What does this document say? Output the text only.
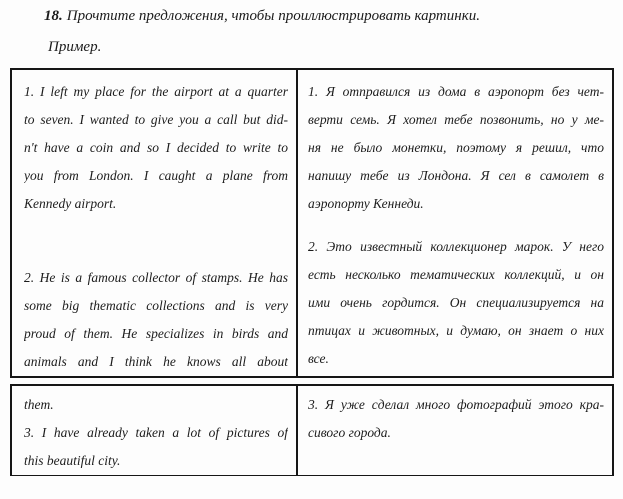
18. Прочтите предложения, чтобы проиллюстрировать картинки.
Пример.
1. I left my place for the airport at a quarter
to seven. I wanted to give you a call but did-
n't have a coin and so I decided to write to
you from London. I caught a plane from
Kennedy airport.
2. He is a famous collector of stamps. He has
some big thematic collections and is very
proud of them. He specializes in birds and
animals and I think he knows all about
1. Я отправился из дома в аэропорт без чет-
верти семь. Я хотел тебе позвонить, но у ме-
ня не было монетки, поэтому я решил, что
напишу тебе из Лондона. Я сел в самолет в
аэропорту Кеннеди.
2. Это известный коллекционер марок. У него
есть несколько тематических коллекций, и он
ими очень гордится. Он специализируется на
птицах и животных, и думаю, он знает о них
все.
them.
3. I have already taken a lot of pictures of
this beautiful city.
3. Я уже сделал много фотографий этого кра-
сивого города.
